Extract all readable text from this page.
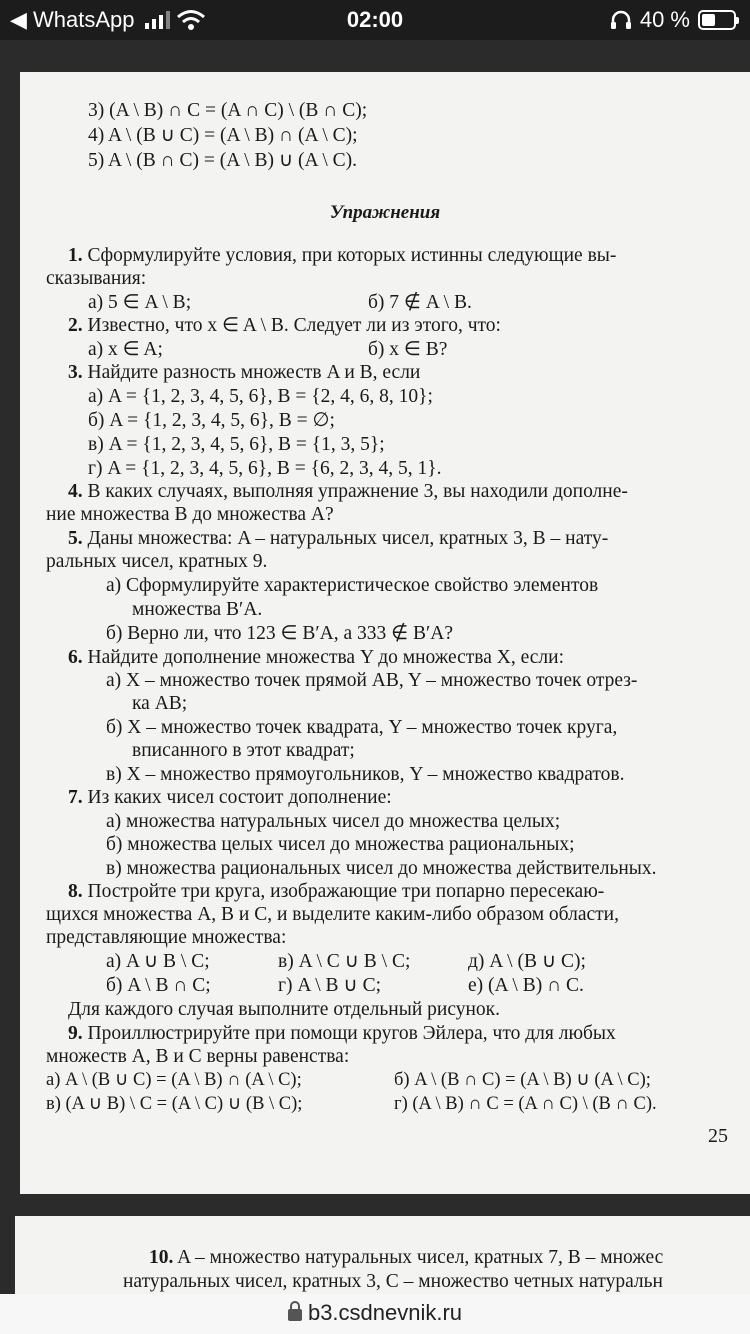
◀ WhatsApp	02:00	40 %
3) (A \ B) ∩ C = (A ∩ C) \ (B ∩ C);
4) A \ (B ∪ C) = (A \ B) ∩ (A \ C);
5) A \ (B ∩ C) = (A \ B) ∪ (A \ C).
Упражнения
1. Сформулируйте условия, при которых истинны следующие вы-
сказывания:
а) 5 ∈ A \ B;	б) 7 ∉ A \ B.
2. Известно, что x ∈ A \ B. Следует ли из этого, что:
а) x ∈ A;	б) x ∈ B?
3. Найдите разность множеств A и B, если
а) A = {1, 2, 3, 4, 5, 6}, B = {2, 4, 6, 8, 10};
б) A = {1, 2, 3, 4, 5, 6}, B = ∅;
в) A = {1, 2, 3, 4, 5, 6}, B = {1, 3, 5};
г) A = {1, 2, 3, 4, 5, 6}, B = {6, 2, 3, 4, 5, 1}.
4. В каких случаях, выполняя упражнение 3, вы находили дополне-
ние множества B до множества A?
5. Даны множества: A – натуральных чисел, кратных 3, B – нату-
ральных чисел, кратных 9.
а) Сформулируйте характеристическое свойство элементов
множества B′A.
б) Верно ли, что 123 ∈ B′A, а 333 ∉ B′A?
6. Найдите дополнение множества Y до множества X, если:
а) X – множество точек прямой AB, Y – множество точек отрез-
ка AB;
б) X – множество точек квадрата, Y – множество точек круга,
вписанного в этот квадрат;
в) X – множество прямоугольников, Y – множество квадратов.
7. Из каких чисел состоит дополнение:
а) множества натуральных чисел до множества целых;
б) множества целых чисел до множества рациональных;
в) множества рациональных чисел до множества действительных.
8. Постройте три круга, изображающие три попарно пересекаю-
щихся множества A, B и C, и выделите каким-либо образом области,
представляющие множества:
а) A ∪ B \ C;	в) A \ C ∪ B \ C;	д) A \ (B ∪ C);
б) A \ B ∩ C;	г) A \ B ∪ C;	е) (A \ B) ∩ C.
Для каждого случая выполните отдельный рисунок.
9. Проиллюстрируйте при помощи кругов Эйлера, что для любых
множеств A, B и C верны равенства:
а) A \ (B ∪ C) = (A \ B) ∩ (A \ C);	б) A \ (B ∩ C) = (A \ B) ∪ (A \ C);
в) (A ∪ B) \ C = (A \ C) ∪ (B \ C);	г) (A \ B) ∩ C = (A ∩ C) \ (B ∩ C).
25
10. A – множество натуральных чисел, кратных 7, B – множес
натуральных чисел, кратных 3, C – множество четных натуральн
b3.csdnevnik.ru
